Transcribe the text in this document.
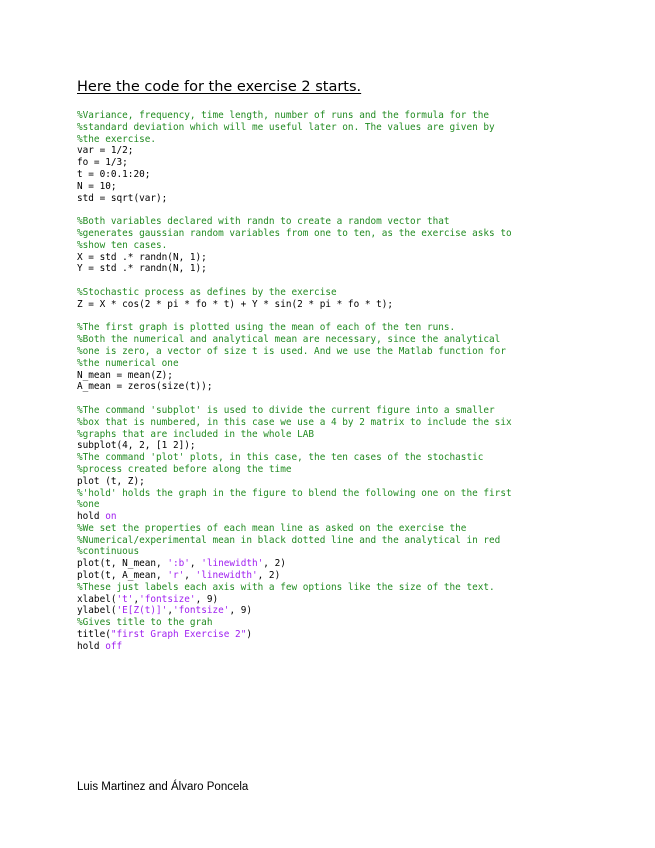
Here the code for the exercise 2 starts.
%Variance, frequency, time length, number of runs and the formula for the
%standard deviation which will me useful later on. The values are given by
%the exercise.
var = 1/2;
fo = 1/3;
t = 0:0.1:20;
N = 10;
std = sqrt(var);
%Both variables declared with randn to create a random vector that
%generates gaussian random variables from one to ten, as the exercise asks to
%show ten cases.
X = std .* randn(N, 1);
Y = std .* randn(N, 1);
%Stochastic process as defines by the exercise
Z = X * cos(2 * pi * fo * t) + Y * sin(2 * pi * fo * t);
%The first graph is plotted using the mean of each of the ten runs.
%Both the numerical and analytical mean are necessary, since the analytical
%one is zero, a vector of size t is used. And we use the Matlab function for
%the numerical one
N_mean = mean(Z);
A_mean = zeros(size(t));
%The command 'subplot' is used to divide the current figure into a smaller
%box that is numbered, in this case we use a 4 by 2 matrix to include the six
%graphs that are included in the whole LAB
subplot(4, 2, [1 2]);
%The command 'plot' plots, in this case, the ten cases of the stochastic
%process created before along the time
plot (t, Z);
%'hold' holds the graph in the figure to blend the following one on the first
%one
hold on
%We set the properties of each mean line as asked on the exercise the
%Numerical/experimental mean in black dotted line and the analytical in red
%continuous
plot(t, N_mean, ':b', 'linewidth', 2)
plot(t, A_mean, 'r', 'linewidth', 2)
%These just labels each axis with a few options like the size of the text.
xlabel('t','fontsize', 9)
ylabel('E[Z(t)]','fontsize', 9)
%Gives title to the grah
title("first Graph Exercise 2")
hold off
Luis Martinez and Álvaro Poncela
